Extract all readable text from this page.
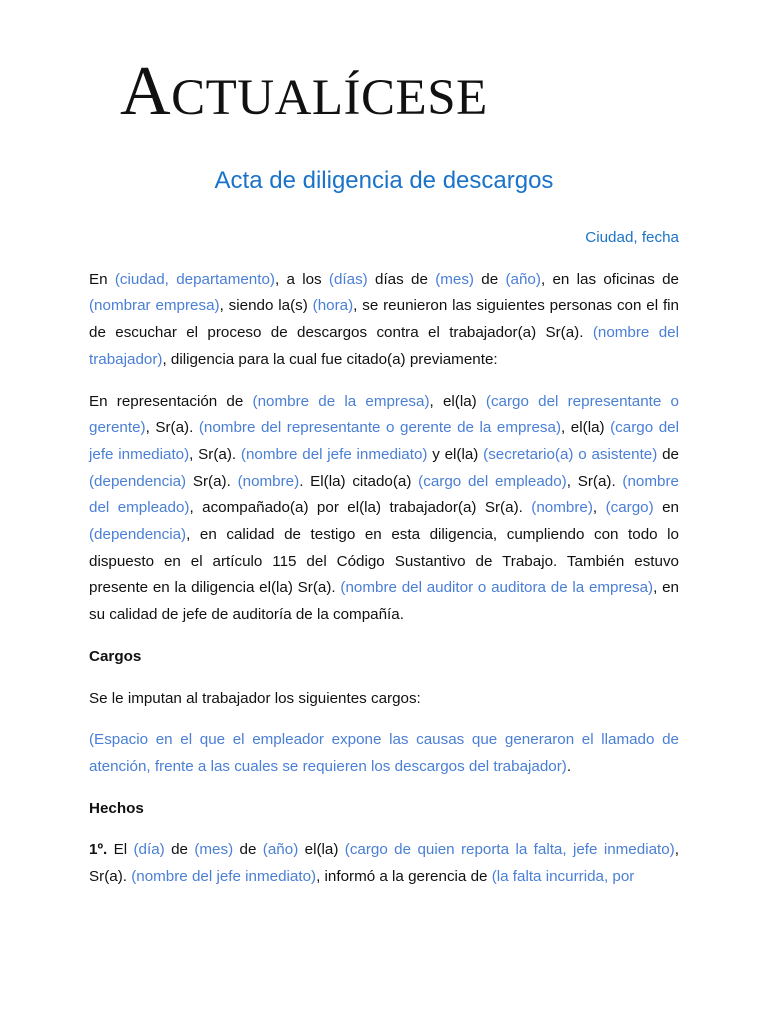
ACTUALÍCESE
Acta de diligencia de descargos

Ciudad, fecha

En (ciudad, departamento), a los (días) días de (mes) de (año), en las oficinas de (nombrar empresa), siendo la(s) (hora), se reunieron las siguientes personas con el fin de escuchar el proceso de descargos contra el trabajador(a) Sr(a). (nombre del trabajador), diligencia para la cual fue citado(a) previamente:

En representación de (nombre de la empresa), el(la) (cargo del representante o gerente), Sr(a). (nombre del representante o gerente de la empresa), el(la) (cargo del jefe inmediato), Sr(a). (nombre del jefe inmediato) y el(la) (secretario(a) o asistente) de (dependencia) Sr(a). (nombre). El(la) citado(a) (cargo del empleado), Sr(a). (nombre del empleado), acompañado(a) por el(la) trabajador(a) Sr(a). (nombre), (cargo) en (dependencia), en calidad de testigo en esta diligencia, cumpliendo con todo lo dispuesto en el artículo 115 del Código Sustantivo de Trabajo. También estuvo presente en la diligencia el(la) Sr(a). (nombre del auditor o auditora de la empresa), en su calidad de jefe de auditoría de la compañía.

Cargos

Se le imputan al trabajador los siguientes cargos:

(Espacio en el que el empleador expone las causas que generaron el llamado de atención, frente a las cuales se requieren los descargos del trabajador).

Hechos

1º. El (día) de (mes) de (año) el(la) (cargo de quien reporta la falta, jefe inmediato), Sr(a). (nombre del jefe inmediato), informó a la gerencia de (la falta incurrida, por
